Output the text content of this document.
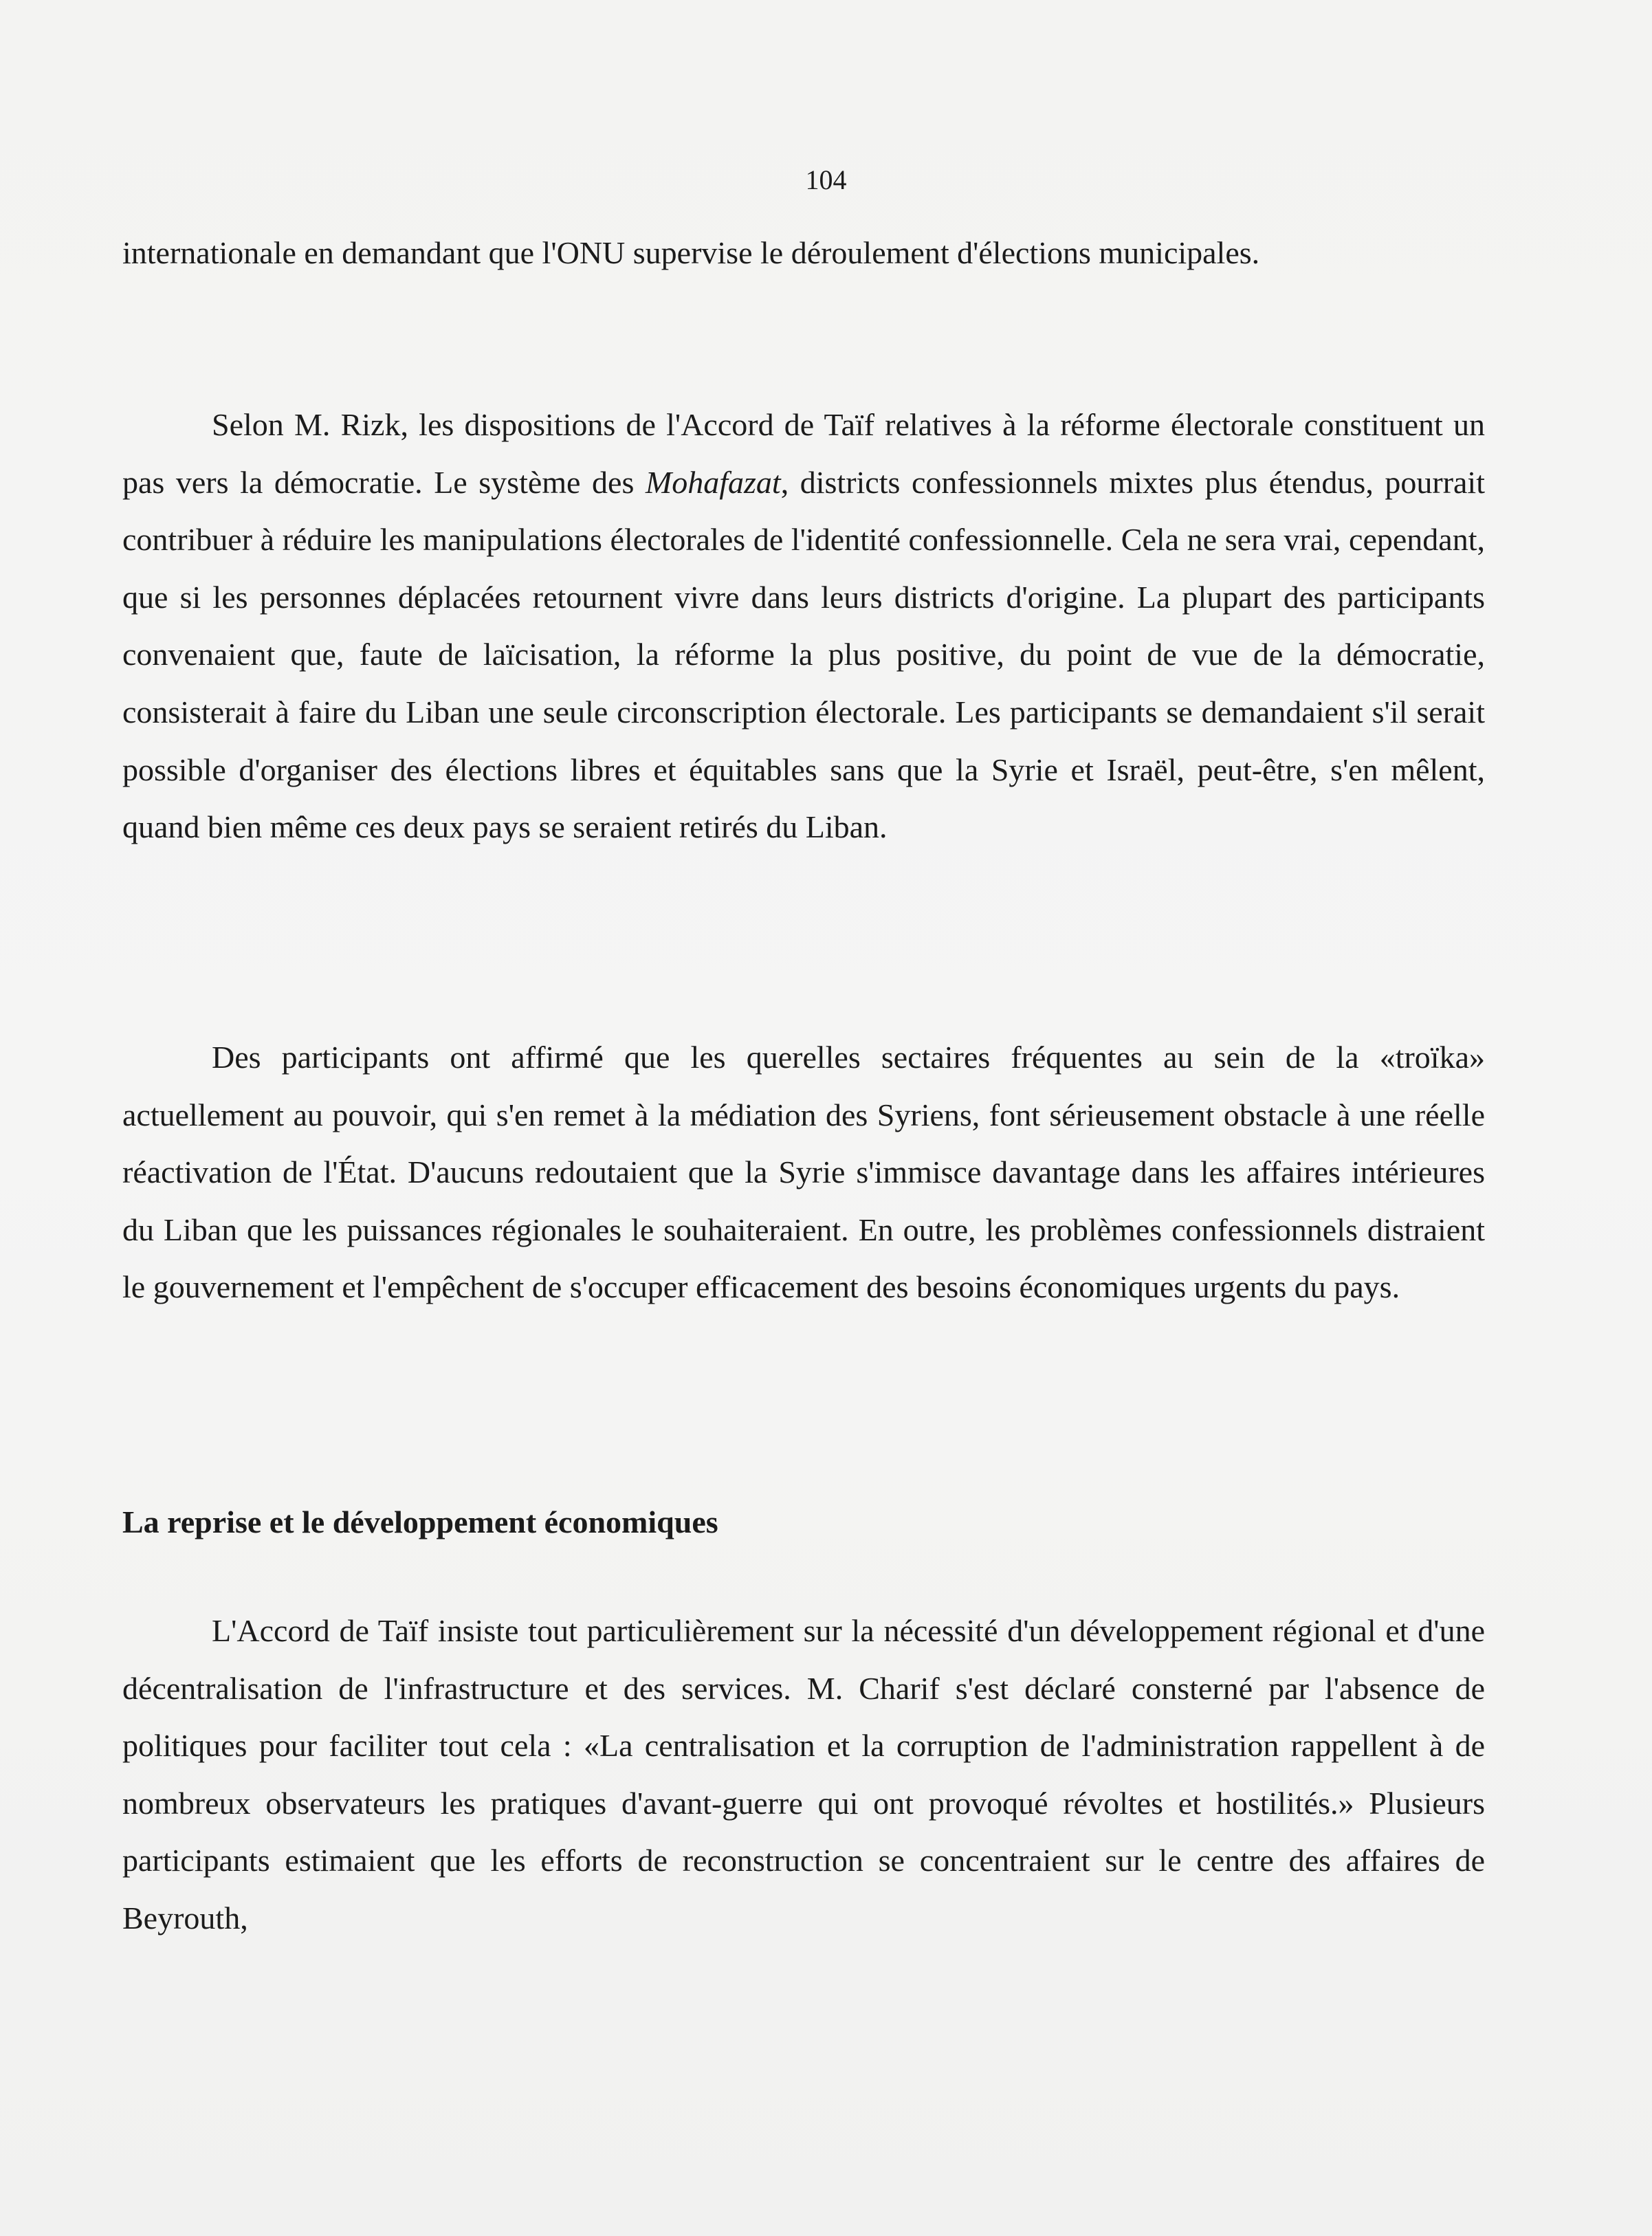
104

internationale en demandant que l'ONU supervise le déroulement d'élections municipales.

Selon M. Rizk, les dispositions de l'Accord de Taïf relatives à la réforme électorale constituent un pas vers la démocratie. Le système des Mohafazat, districts confessionnels mixtes plus étendus, pourrait contribuer à réduire les manipulations électorales de l'identité confessionnelle. Cela ne sera vrai, cependant, que si les personnes déplacées retournent vivre dans leurs districts d'origine. La plupart des participants convenaient que, faute de laïcisation, la réforme la plus positive, du point de vue de la démocratie, consisterait à faire du Liban une seule circonscription électorale. Les participants se demandaient s'il serait possible d'organiser des élections libres et équitables sans que la Syrie et Israël, peut-être, s'en mêlent, quand bien même ces deux pays se seraient retirés du Liban.

Des participants ont affirmé que les querelles sectaires fréquentes au sein de la «troïka» actuellement au pouvoir, qui s'en remet à la médiation des Syriens, font sérieusement obstacle à une réelle réactivation de l'État. D'aucuns redoutaient que la Syrie s'immisce davantage dans les affaires intérieures du Liban que les puissances régionales le souhaiteraient. En outre, les problèmes confessionnels distraient le gouvernement et l'empêchent de s'occuper efficacement des besoins économiques urgents du pays.

La reprise et le développement économiques

L'Accord de Taïf insiste tout particulièrement sur la nécessité d'un développement régional et d'une décentralisation de l'infrastructure et des services. M. Charif s'est déclaré consterné par l'absence de politiques pour faciliter tout cela : «La centralisation et la corruption de l'administration rappellent à de nombreux observateurs les pratiques d'avant-guerre qui ont provoqué révoltes et hostilités.» Plusieurs participants estimaient que les efforts de reconstruction se concentraient sur le centre des affaires de Beyrouth,
